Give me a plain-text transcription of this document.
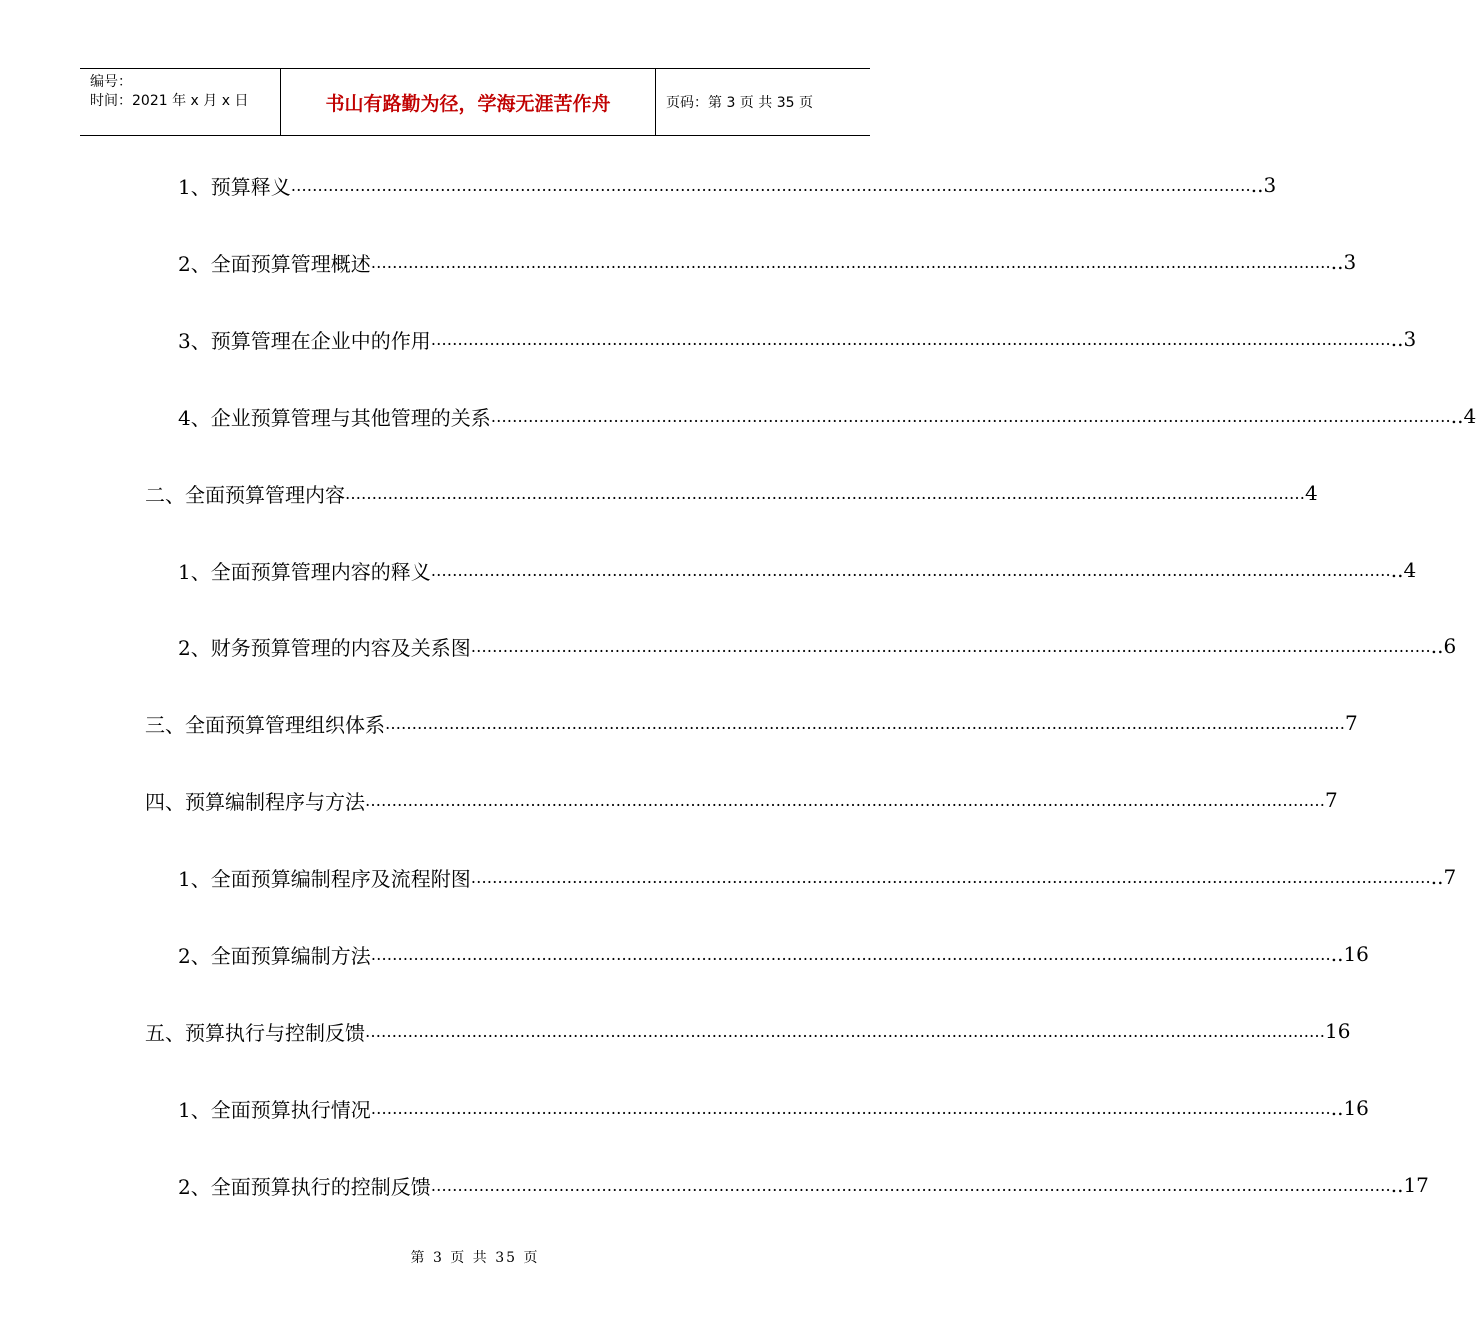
编号：
时间：2021 年 x 月 x 日	书山有路勤为径，学海无涯苦作舟	页码：第 3 页 共 35 页
1、 预算释义 ……………………………………………………………………………………………………………………………………………………………… ..3
2、 全面预算管理概述 ……………………………………………………………………………………………………………………………………………………………… ..3
3、 预算管理在企业中的作用 ……………………………………………………………………………………………………………………………………………………………… ..3
4、 企业预算管理与其他管理的关系 ……………………………………………………………………………………………………………………………………………………………… ..4
二、 全面预算管理内容 ……………………………………………………………………………………………………………………………………………………………… 4
1、 全面预算管理内容的释义 ……………………………………………………………………………………………………………………………………………………………… ..4
2、 财务预算管理的内容及关系图 ……………………………………………………………………………………………………………………………………………………………… ..6
三、 全面预算管理组织体系 ……………………………………………………………………………………………………………………………………………………………… 7
四、 预算编制程序与方法 ……………………………………………………………………………………………………………………………………………………………… 7
1、 全面预算编制程序及流程附图 ……………………………………………………………………………………………………………………………………………………………… ..7
2、 全面预算编制方法 ……………………………………………………………………………………………………………………………………………………………… ..16
五、 预算执行与控制反馈 ……………………………………………………………………………………………………………………………………………………………… 16
1、 全面预算执行情况 ……………………………………………………………………………………………………………………………………………………………… ..16
2、 全面预算执行的控制反馈 ……………………………………………………………………………………………………………………………………………………………… ..17
第 3 页 共 35 页
